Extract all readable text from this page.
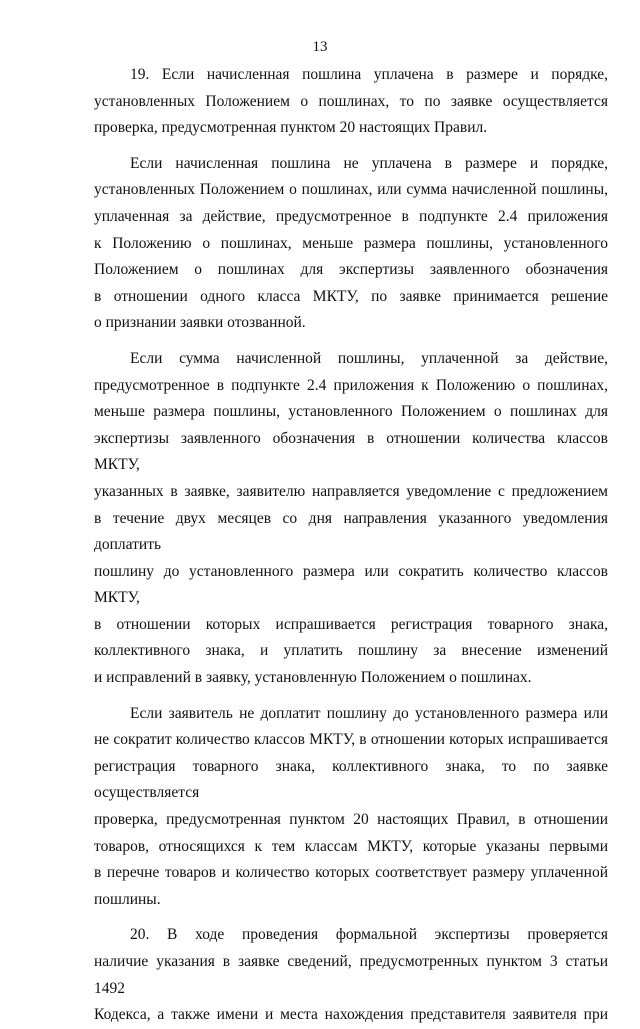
13
19. Если начисленная пошлина уплачена в размере и порядке,
установленных Положением о пошлинах, то по заявке осуществляется
проверка, предусмотренная пунктом 20 настоящих Правил.
Если начисленная пошлина не уплачена в размере и порядке,
установленных Положением о пошлинах, или сумма начисленной пошлины,
уплаченная за действие, предусмотренное в подпункте 2.4 приложения
к Положению о пошлинах, меньше размера пошлины, установленного
Положением о пошлинах для экспертизы заявленного обозначения
в отношении одного класса МКТУ, по заявке принимается решение
о признании заявки отозванной.
Если сумма начисленной пошлины, уплаченной за действие,
предусмотренное в подпункте 2.4 приложения к Положению о пошлинах,
меньше размера пошлины, установленного Положением о пошлинах для
экспертизы заявленного обозначения в отношении количества классов МКТУ,
указанных в заявке, заявителю направляется уведомление с предложением
в течение двух месяцев со дня направления указанного уведомления доплатить
пошлину до установленного размера или сократить количество классов МКТУ,
в отношении которых испрашивается регистрация товарного знака,
коллективного знака, и уплатить пошлину за внесение изменений
и исправлений в заявку, установленную Положением о пошлинах.
Если заявитель не доплатит пошлину до установленного размера или
не сократит количество классов МКТУ, в отношении которых испрашивается
регистрация товарного знака, коллективного знака, то по заявке осуществляется
проверка, предусмотренная пунктом 20 настоящих Правил, в отношении
товаров, относящихся к тем классам МКТУ, которые указаны первыми
в перечне товаров и количество которых соответствует размеру уплаченной
пошлины.
20. В ходе проведения формальной экспертизы проверяется
наличие указания в заявке сведений, предусмотренных пунктом 3 статьи 1492
Кодекса, а также имени и места нахождения представителя заявителя при
